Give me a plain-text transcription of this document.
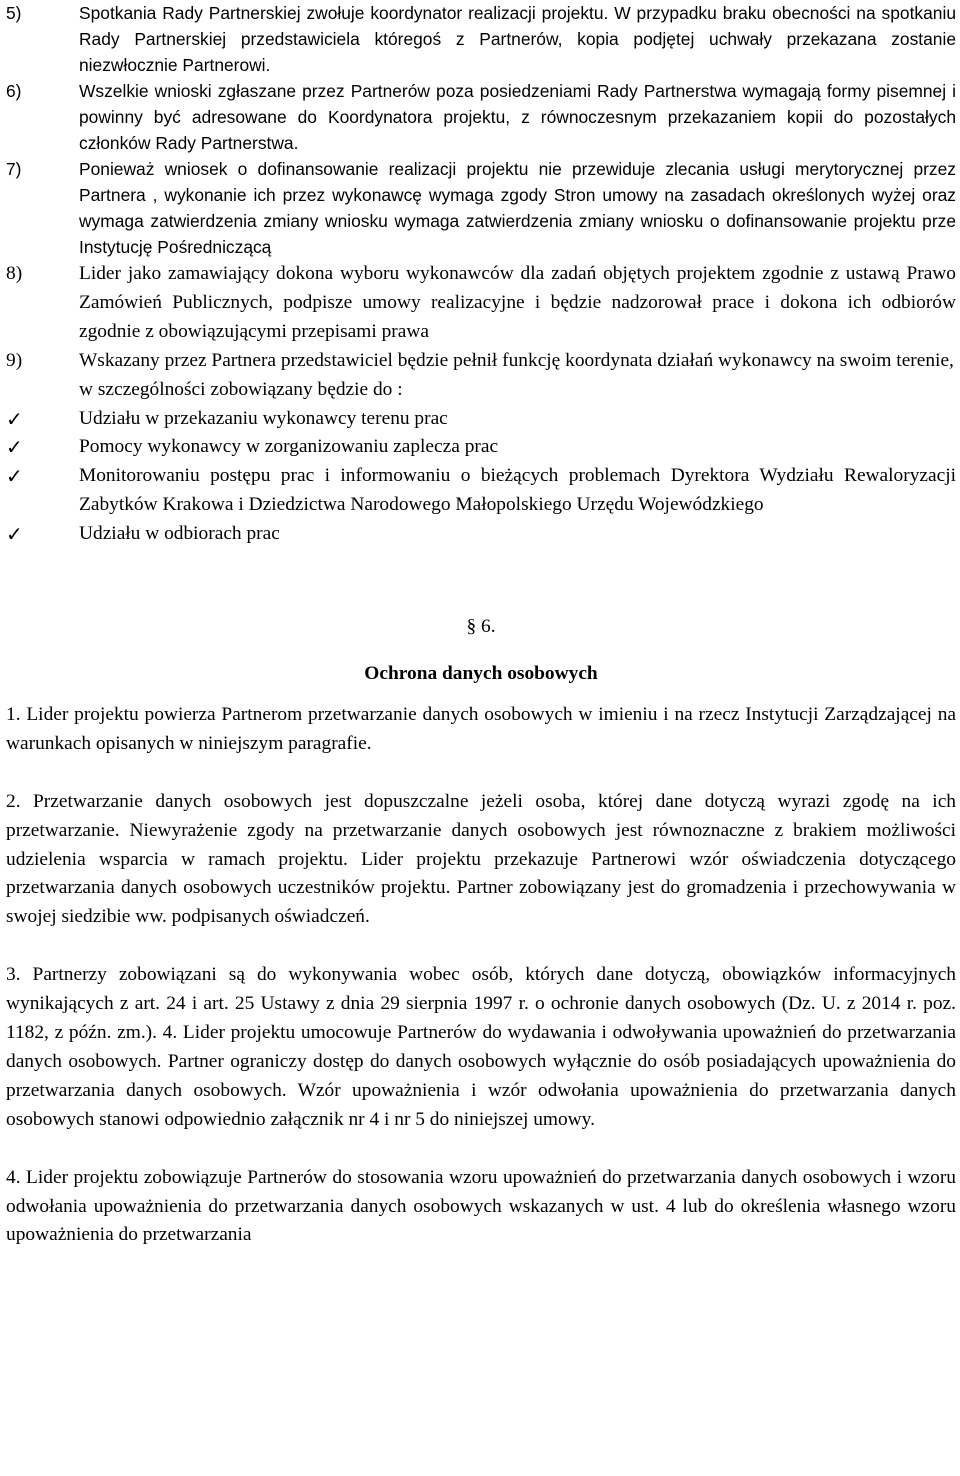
5)	Spotkania Rady Partnerskiej zwołuje koordynator realizacji projektu. W przypadku braku obecności na spotkaniu Rady Partnerskiej przedstawiciela któregoś z Partnerów, kopia podjętej uchwały przekazana zostanie niezwłocznie Partnerowi.
6)	Wszelkie wnioski zgłaszane przez Partnerów poza posiedzeniami Rady Partnerstwa wymagają formy pisemnej i powinny być adresowane do Koordynatora projektu, z równoczesnym przekazaniem kopii do pozostałych członków Rady Partnerstwa.
7)	Ponieważ wniosek o dofinansowanie realizacji projektu nie przewiduje zlecania usługi merytorycznej przez Partnera , wykonanie ich przez wykonawcę wymaga zgody Stron umowy na zasadach określonych wyżej oraz wymaga zatwierdzenia zmiany wniosku wymaga zatwierdzenia zmiany wniosku o dofinansowanie projektu prze Instytucję Pośredniczącą
8)	Lider jako zamawiający dokona wyboru wykonawców dla zadań objętych projektem zgodnie z ustawą Prawo Zamówień Publicznych, podpisze umowy realizacyjne i będzie nadzorował prace i dokona ich odbiorów zgodnie z obowiązującymi przepisami prawa
9)	Wskazany przez Partnera przedstawiciel będzie pełnił funkcję koordynata działań wykonawcy na swoim terenie, w szczególności zobowiązany będzie do :
✓	Udziału w przekazaniu wykonawcy terenu prac
✓	Pomocy wykonawcy w zorganizowaniu zaplecza prac
✓	Monitorowaniu postępu prac i informowaniu o bieżących problemach Dyrektora Wydziału Rewaloryzacji Zabytków Krakowa i Dziedzictwa Narodowego Małopolskiego Urzędu Wojewódzkiego
✓	Udziału w odbiorach prac
§ 6.
Ochrona danych osobowych
1. Lider projektu powierza Partnerom przetwarzanie danych osobowych w imieniu i na rzecz Instytucji Zarządzającej na warunkach opisanych w niniejszym paragrafie.
2. Przetwarzanie danych osobowych jest dopuszczalne jeżeli osoba, której dane dotyczą wyrazi zgodę na ich przetwarzanie. Niewyrażenie zgody na przetwarzanie danych osobowych jest równoznaczne z brakiem możliwości udzielenia wsparcia w ramach projektu. Lider projektu przekazuje Partnerowi wzór oświadczenia dotyczącego przetwarzania danych osobowych uczestników projektu. Partner zobowiązany jest do gromadzenia i przechowywania w swojej siedzibie ww. podpisanych oświadczeń.
3. Partnerzy zobowiązani są do wykonywania wobec osób, których dane dotyczą, obowiązków informacyjnych wynikających z art. 24 i art. 25 Ustawy z dnia 29 sierpnia 1997 r. o ochronie danych osobowych (Dz. U. z 2014 r. poz. 1182, z późn. zm.). 4. Lider projektu umocowuje Partnerów do wydawania i odwoływania upoważnień do przetwarzania danych osobowych. Partner ograniczy dostęp do danych osobowych wyłącznie do osób posiadających upoważnienia do przetwarzania danych osobowych. Wzór upoważnienia i wzór odwołania upoważnienia do przetwarzania danych osobowych stanowi odpowiednio załącznik nr 4 i nr 5 do niniejszej umowy.
4. Lider projektu zobowiązuje Partnerów do stosowania wzoru upoważnień do przetwarzania danych osobowych i wzoru odwołania upoważnienia do przetwarzania danych osobowych wskazanych w ust. 4 lub do określenia własnego wzoru upoważnienia do przetwarzania
